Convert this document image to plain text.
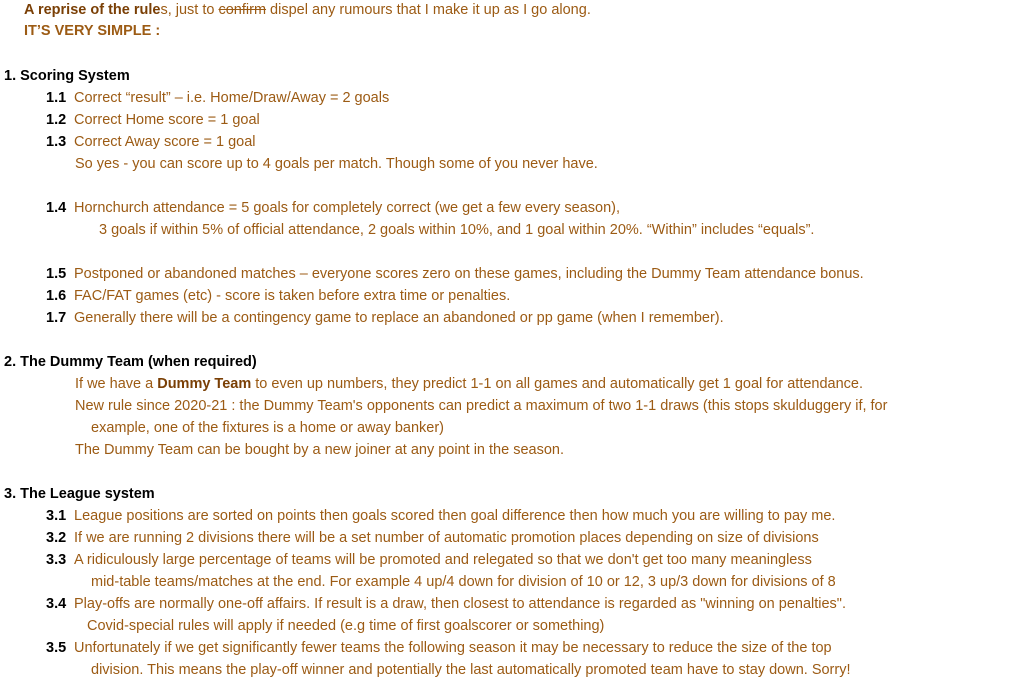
A reprise of the rules, just to confirm dispel any rumours that I make it up as I go along.
IT’S VERY SIMPLE :
1. Scoring System
1.1 Correct “result” – i.e. Home/Draw/Away = 2 goals
1.2 Correct Home score = 1 goal
1.3 Correct Away score = 1 goal
So yes - you can score up to 4 goals per match. Though some of you never have.
1.4 Hornchurch attendance = 5 goals for completely correct (we get a few every season),
3 goals if within 5% of official attendance, 2 goals within 10%, and 1 goal within 20%. “Within” includes “equals”.
1.5 Postponed or abandoned matches – everyone scores zero on these games, including the Dummy Team attendance bonus.
1.6 FAC/FAT games (etc) - score is taken before extra time or penalties.
1.7 Generally there will be a contingency game to replace an abandoned or pp game (when I remember).
2. The Dummy Team (when required)
If we have a Dummy Team to even up numbers, they predict 1-1 on all games and automatically get 1 goal for attendance.
New rule since 2020-21 : the Dummy Team's opponents can predict a maximum of two 1-1 draws (this stops skulduggery if, for
example, one of the fixtures is a home or away banker)
The Dummy Team can be bought by a new joiner at any point in the season.
3. The League system
3.1 League positions are sorted on points then goals scored then goal difference then how much you are willing to pay me.
3.2 If we are running 2 divisions there will be a set number of automatic promotion places depending on size of divisions
3.3 A ridiculously large percentage of teams will be promoted and relegated so that we don't get too many meaningless
mid-table teams/matches at the end. For example 4 up/4 down for division of 10 or 12, 3 up/3 down for divisions of 8
3.4 Play-offs are normally one-off affairs. If result is a draw, then closest to attendance is regarded as "winning on penalties".
Covid-special rules will apply if needed (e.g time of first goalscorer or something)
3.5 Unfortunately if we get significantly fewer teams the following season it may be necessary to reduce the size of the top
division. This means the play-off winner and potentially the last automatically promoted team have to stay down. Sorry!
